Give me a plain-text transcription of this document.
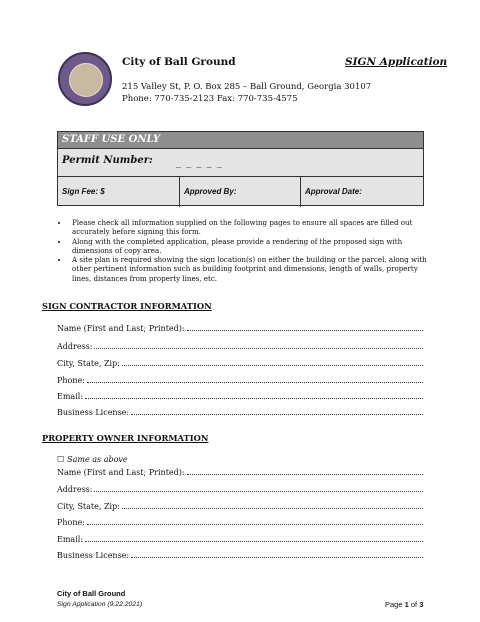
City of Ball Ground	SIGN Application
215 Valley St, P. O. Box 285 – Ball Ground, Georgia 30107
Phone: 770-735-2123 Fax: 770-735-4575
STAFF USE ONLY
Permit Number: _ _ _ _ _
Sign Fee: $	Approved By:	Approval Date:
• Please check all information supplied on the following pages to ensure all spaces are filled out accurately before signing this form.
• Along with the completed application, please provide a rendering of the proposed sign with dimensions of copy area.
• A site plan is required showing the sign location(s) on either the building or the parcel, along with other pertinent information such as building footprint and dimensions, length of walls, property lines, distances from property lines, etc.
SIGN CONTRACTOR INFORMATION
Name (First and Last; Printed):
Address:
City, State, Zip:
Phone:
Email:
Business License:
PROPERTY OWNER INFORMATION
☐ Same as above
Name (First and Last; Printed):
Address:
City, State, Zip:
Phone:
Email:
Business License:
City of Ball Ground
Sign Application (9.22.2021)	Page 1 of 3
